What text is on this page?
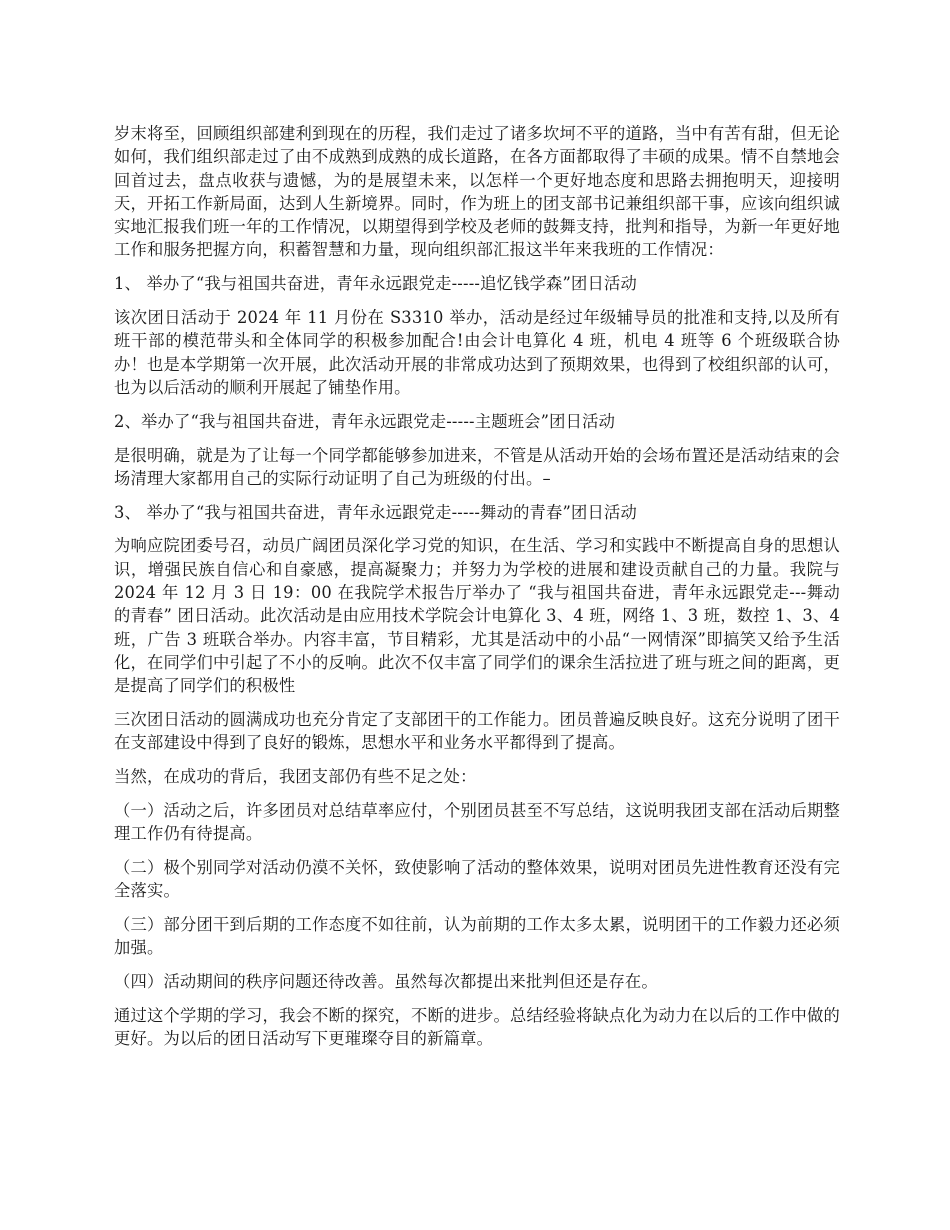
岁末将至，回顾组织部建利到现在的历程，我们走过了诸多坎坷不平的道路，当中有苦有甜，但无论如何，我们组织部走过了由不成熟到成熟的成长道路，在各方面都取得了丰硕的成果。情不自禁地会回首过去，盘点收获与遗憾，为的是展望未来，以怎样一个更好地态度和思路去拥抱明天，迎接明天，开拓工作新局面，达到人生新境界。同时，作为班上的团支部书记兼组织部干事，应该向组织诚实地汇报我们班一年的工作情况，以期望得到学校及老师的鼓舞支持，批判和指导，为新一年更好地工作和服务把握方向，积蓄智慧和力量，现向组织部汇报这半年来我班的工作情况：

1、 举办了“我与祖国共奋进，青年永远跟党走-----追忆钱学森”团日活动

该次团日活动于 2024 年 11 月份在 S3310 举办，活动是经过年级辅导员的批准和支持,以及所有班干部的模范带头和全体同学的积极参加配合!由会计电算化 4 班，机电 4 班等 6 个班级联合协办！也是本学期第一次开展，此次活动开展的非常成功达到了预期效果，也得到了校组织部的认可，也为以后活动的顺利开展起了铺垫作用。

2、举办了“我与祖国共奋进，青年永远跟党走-----主题班会”团日活动

是很明确，就是为了让每一个同学都能够参加进来，不管是从活动开始的会场布置还是活动结束的会场清理大家都用自己的实际行动证明了自己为班级的付出。–

3、 举办了“我与祖国共奋进，青年永远跟党走-----舞动的青春”团日活动

为响应院团委号召，动员广阔团员深化学习党的知识，在生活、学习和实践中不断提高自身的思想认识，增强民族自信心和自豪感，提高凝聚力；并努力为学校的进展和建设贡献自己的力量。我院与 2024 年 12 月 3 日 19：00 在我院学术报告厅举办了 “我与祖国共奋进，青年永远跟党走---舞动的青春” 团日活动。此次活动是由应用技术学院会计电算化 3、4 班，网络 1、3 班，数控 1、3、4 班，广告 3 班联合举办。内容丰富，节目精彩，尤其是活动中的小品“一网情深”即搞笑又给予生活化，在同学们中引起了不小的反响。此次不仅丰富了同学们的课余生活拉进了班与班之间的距离，更是提高了同学们的积极性

三次团日活动的圆满成功也充分肯定了支部团干的工作能力。团员普遍反映良好。这充分说明了团干在支部建设中得到了良好的锻炼，思想水平和业务水平都得到了提高。

当然，在成功的背后，我团支部仍有些不足之处：

（一）活动之后，许多团员对总结草率应付，个别团员甚至不写总结，这说明我团支部在活动后期整理工作仍有待提高。

（二）极个别同学对活动仍漠不关怀，致使影响了活动的整体效果，说明对团员先进性教育还没有完全落实。

（三）部分团干到后期的工作态度不如往前，认为前期的工作太多太累，说明团干的工作毅力还必须加强。

（四）活动期间的秩序问题还待改善。虽然每次都提出来批判但还是存在。

通过这个学期的学习，我会不断的探究，不断的进步。总结经验将缺点化为动力在以后的工作中做的更好。为以后的团日活动写下更璀璨夺目的新篇章。
